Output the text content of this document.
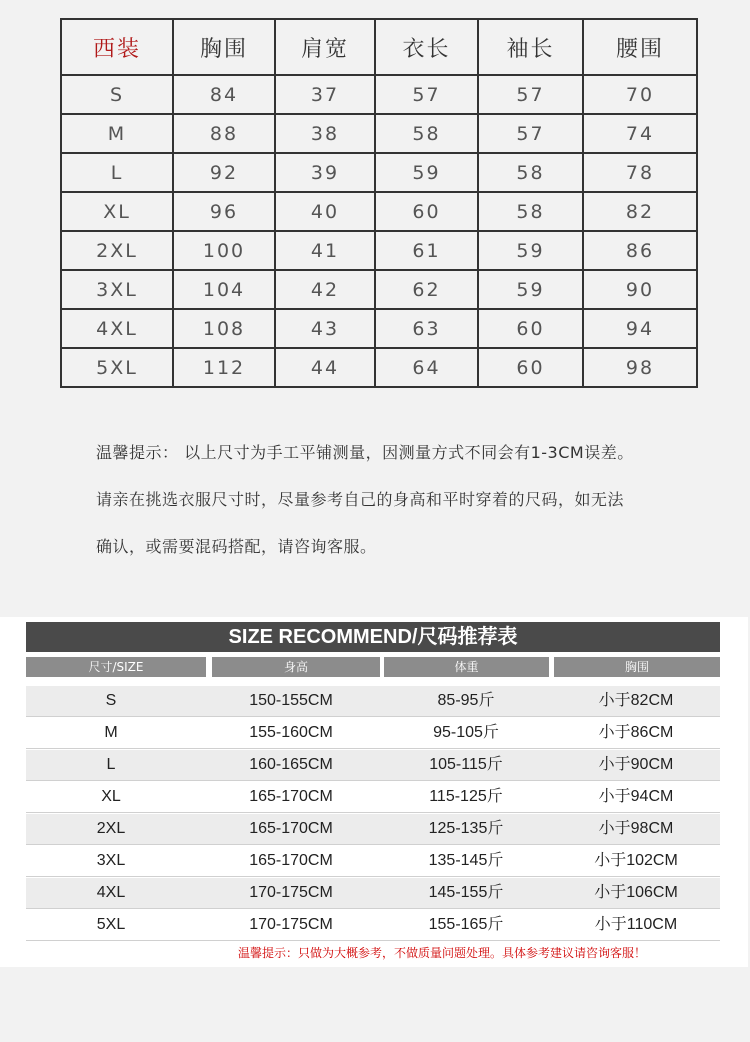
西装	胸围	肩宽	衣长	袖长	腰围
S	84	37	57	57	70
M	88	38	58	57	74
L	92	39	59	58	78
XL	96	40	60	58	82
2XL	100	41	61	59	86
3XL	104	42	62	59	90
4XL	108	43	63	60	94
5XL	112	44	64	60	98
温馨提示： 以上尺寸为手工平铺测量，因测量方式不同会有1-3CM误差。
请亲在挑选衣服尺寸时，尽量参考自己的身高和平时穿着的尺码，如无法
确认，或需要混码搭配，请咨询客服。
SIZE RECOMMEND/尺码推荐表
尺寸/SIZE	身高	体重	胸围
S	150-155CM	85-95斤	小于82CM
M	155-160CM	95-105斤	小于86CM
L	160-165CM	105-115斤	小于90CM
XL	165-170CM	115-125斤	小于94CM
2XL	165-170CM	125-135斤	小于98CM
3XL	165-170CM	135-145斤	小于102CM
4XL	170-175CM	145-155斤	小于106CM
5XL	170-175CM	155-165斤	小于110CM
温馨提示：只做为大概参考，不做质量问题处理。具体参考建议请咨询客服！
